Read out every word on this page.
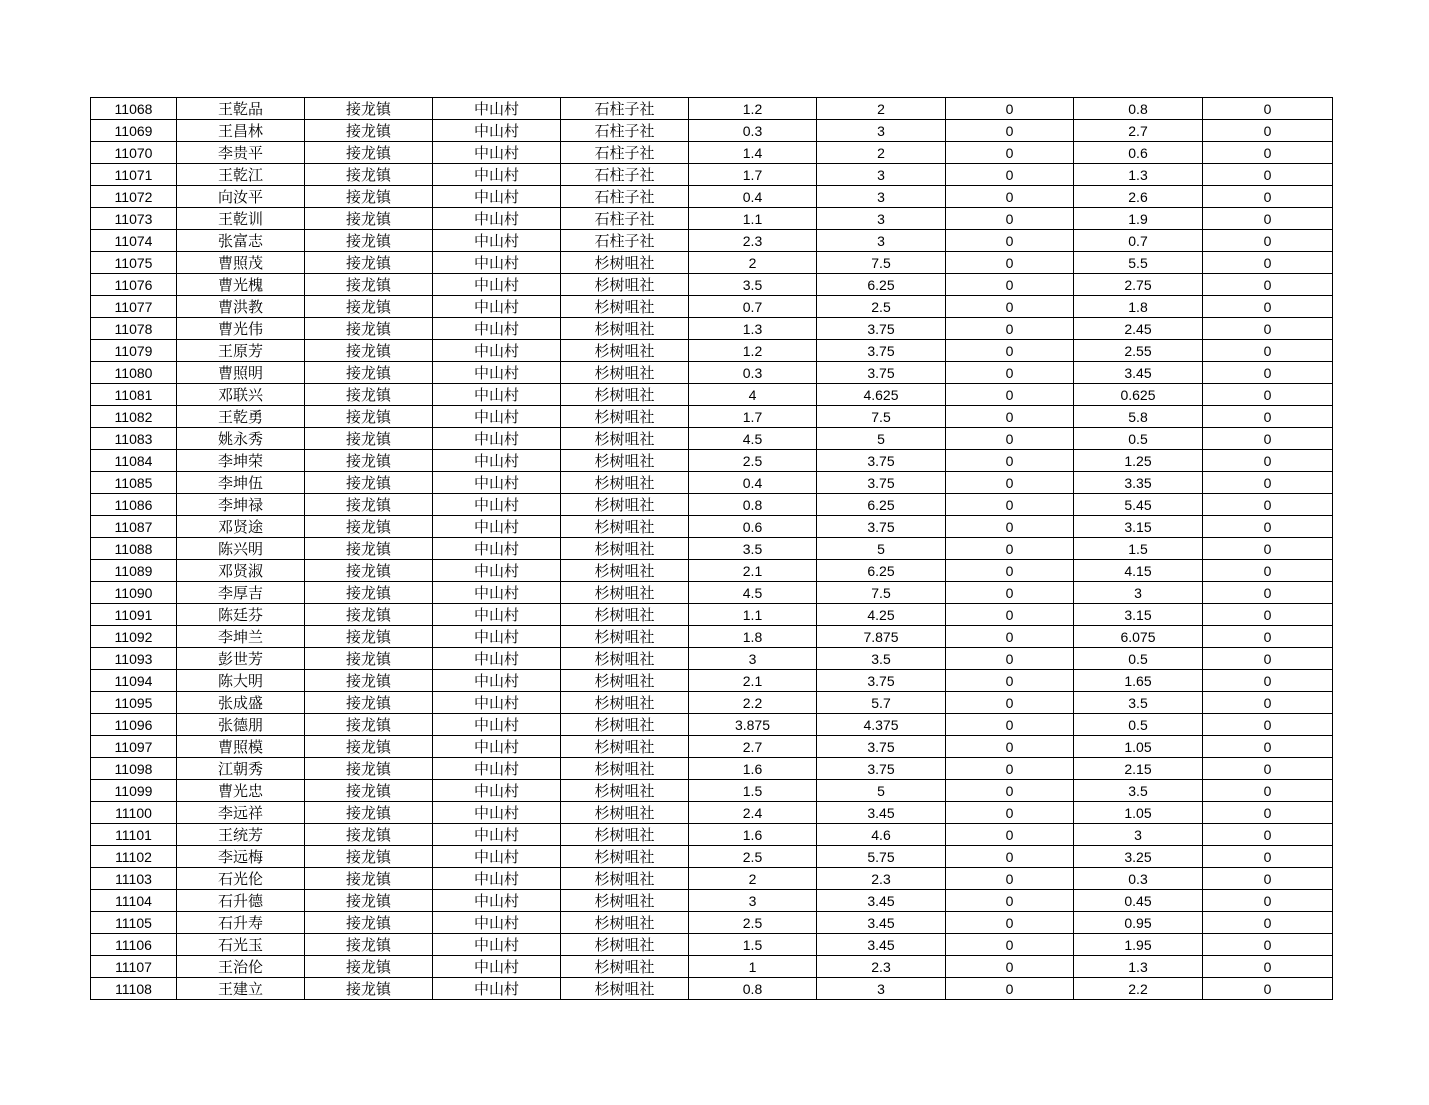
11068	王乾品	接龙镇	中山村	石柱子社	1.2	2	0	0.8	0
11069	王昌林	接龙镇	中山村	石柱子社	0.3	3	0	2.7	0
11070	李贵平	接龙镇	中山村	石柱子社	1.4	2	0	0.6	0
11071	王乾江	接龙镇	中山村	石柱子社	1.7	3	0	1.3	0
11072	向汝平	接龙镇	中山村	石柱子社	0.4	3	0	2.6	0
11073	王乾训	接龙镇	中山村	石柱子社	1.1	3	0	1.9	0
11074	张富志	接龙镇	中山村	石柱子社	2.3	3	0	0.7	0
11075	曹照茂	接龙镇	中山村	杉树咀社	2	7.5	0	5.5	0
11076	曹光槐	接龙镇	中山村	杉树咀社	3.5	6.25	0	2.75	0
11077	曹洪教	接龙镇	中山村	杉树咀社	0.7	2.5	0	1.8	0
11078	曹光伟	接龙镇	中山村	杉树咀社	1.3	3.75	0	2.45	0
11079	王原芳	接龙镇	中山村	杉树咀社	1.2	3.75	0	2.55	0
11080	曹照明	接龙镇	中山村	杉树咀社	0.3	3.75	0	3.45	0
11081	邓联兴	接龙镇	中山村	杉树咀社	4	4.625	0	0.625	0
11082	王乾勇	接龙镇	中山村	杉树咀社	1.7	7.5	0	5.8	0
11083	姚永秀	接龙镇	中山村	杉树咀社	4.5	5	0	0.5	0
11084	李坤荣	接龙镇	中山村	杉树咀社	2.5	3.75	0	1.25	0
11085	李坤伍	接龙镇	中山村	杉树咀社	0.4	3.75	0	3.35	0
11086	李坤禄	接龙镇	中山村	杉树咀社	0.8	6.25	0	5.45	0
11087	邓贤途	接龙镇	中山村	杉树咀社	0.6	3.75	0	3.15	0
11088	陈兴明	接龙镇	中山村	杉树咀社	3.5	5	0	1.5	0
11089	邓贤淑	接龙镇	中山村	杉树咀社	2.1	6.25	0	4.15	0
11090	李厚吉	接龙镇	中山村	杉树咀社	4.5	7.5	0	3	0
11091	陈廷芬	接龙镇	中山村	杉树咀社	1.1	4.25	0	3.15	0
11092	李坤兰	接龙镇	中山村	杉树咀社	1.8	7.875	0	6.075	0
11093	彭世芳	接龙镇	中山村	杉树咀社	3	3.5	0	0.5	0
11094	陈大明	接龙镇	中山村	杉树咀社	2.1	3.75	0	1.65	0
11095	张成盛	接龙镇	中山村	杉树咀社	2.2	5.7	0	3.5	0
11096	张德朋	接龙镇	中山村	杉树咀社	3.875	4.375	0	0.5	0
11097	曹照模	接龙镇	中山村	杉树咀社	2.7	3.75	0	1.05	0
11098	江朝秀	接龙镇	中山村	杉树咀社	1.6	3.75	0	2.15	0
11099	曹光忠	接龙镇	中山村	杉树咀社	1.5	5	0	3.5	0
11100	李远祥	接龙镇	中山村	杉树咀社	2.4	3.45	0	1.05	0
11101	王统芳	接龙镇	中山村	杉树咀社	1.6	4.6	0	3	0
11102	李远梅	接龙镇	中山村	杉树咀社	2.5	5.75	0	3.25	0
11103	石光伦	接龙镇	中山村	杉树咀社	2	2.3	0	0.3	0
11104	石升德	接龙镇	中山村	杉树咀社	3	3.45	0	0.45	0
11105	石升寿	接龙镇	中山村	杉树咀社	2.5	3.45	0	0.95	0
11106	石光玉	接龙镇	中山村	杉树咀社	1.5	3.45	0	1.95	0
11107	王治伦	接龙镇	中山村	杉树咀社	1	2.3	0	1.3	0
11108	王建立	接龙镇	中山村	杉树咀社	0.8	3	0	2.2	0
